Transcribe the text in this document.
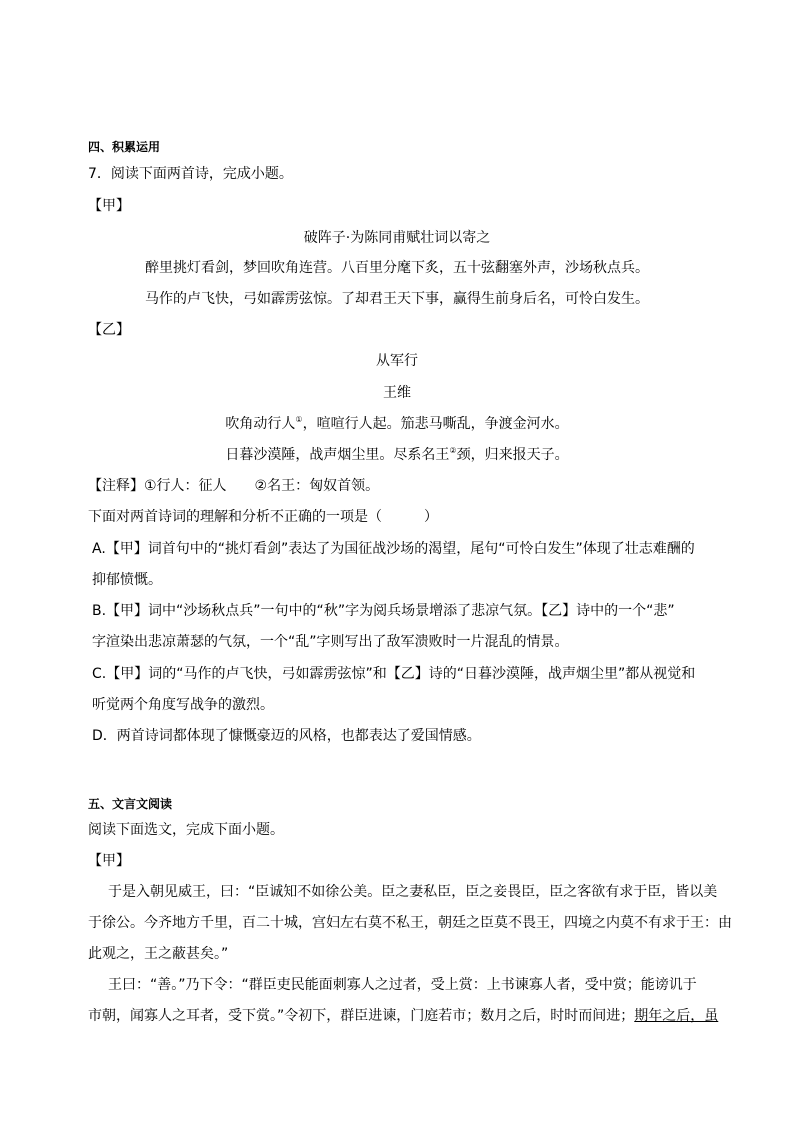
四、积累运用
7．阅读下面两首诗，完成小题。
【甲】
破阵子·为陈同甫赋壮词以寄之
醉里挑灯看剑，梦回吹角连营。八百里分麾下炙，五十弦翻塞外声，沙场秋点兵。
马作的卢飞快，弓如霹雳弦惊。了却君王天下事，赢得生前身后名，可怜白发生。
【乙】
从军行
王维
吹角动行人①，喧喧行人起。笳悲马嘶乱，争渡金河水。
日暮沙漠陲，战声烟尘里。尽系名王②颈，归来报天子。
【注释】①行人：征人　　②名王：匈奴首领。
下面对两首诗词的理解和分析不正确的一项是（　　　）
A.【甲】词首句中的“挑灯看剑”表达了为国征战沙场的渴望，尾句“可怜白发生”体现了壮志难酬的
抑郁愤慨。
B.【甲】词中“沙场秋点兵”一句中的“秋”字为阅兵场景增添了悲凉气氛。【乙】诗中的一个“悲”
字渲染出悲凉萧瑟的气氛，一个“乱”字则写出了敌军溃败时一片混乱的情景。
C.【甲】词的“马作的卢飞快，弓如霹雳弦惊”和【乙】诗的“日暮沙漠陲，战声烟尘里”都从视觉和
听觉两个角度写战争的激烈。
D．两首诗词都体现了慷慨豪迈的风格，也都表达了爱国情感。
五、文言文阅读
阅读下面选文，完成下面小题。
【甲】
于是入朝见威王，曰：“臣诚知不如徐公美。臣之妻私臣，臣之妾畏臣，臣之客欲有求于臣，皆以美
于徐公。今齐地方千里，百二十城，宫妇左右莫不私王，朝廷之臣莫不畏王，四境之内莫不有求于王：由
此观之，王之蔽甚矣。”
王曰：“善。”乃下令：“群臣吏民能面刺寡人之过者，受上赏：上书谏寡人者，受中赏；能谤讥于
市朝，闻寡人之耳者，受下赏。”令初下，群臣进谏，门庭若市；数月之后，时时而间进；期年之后，虽
